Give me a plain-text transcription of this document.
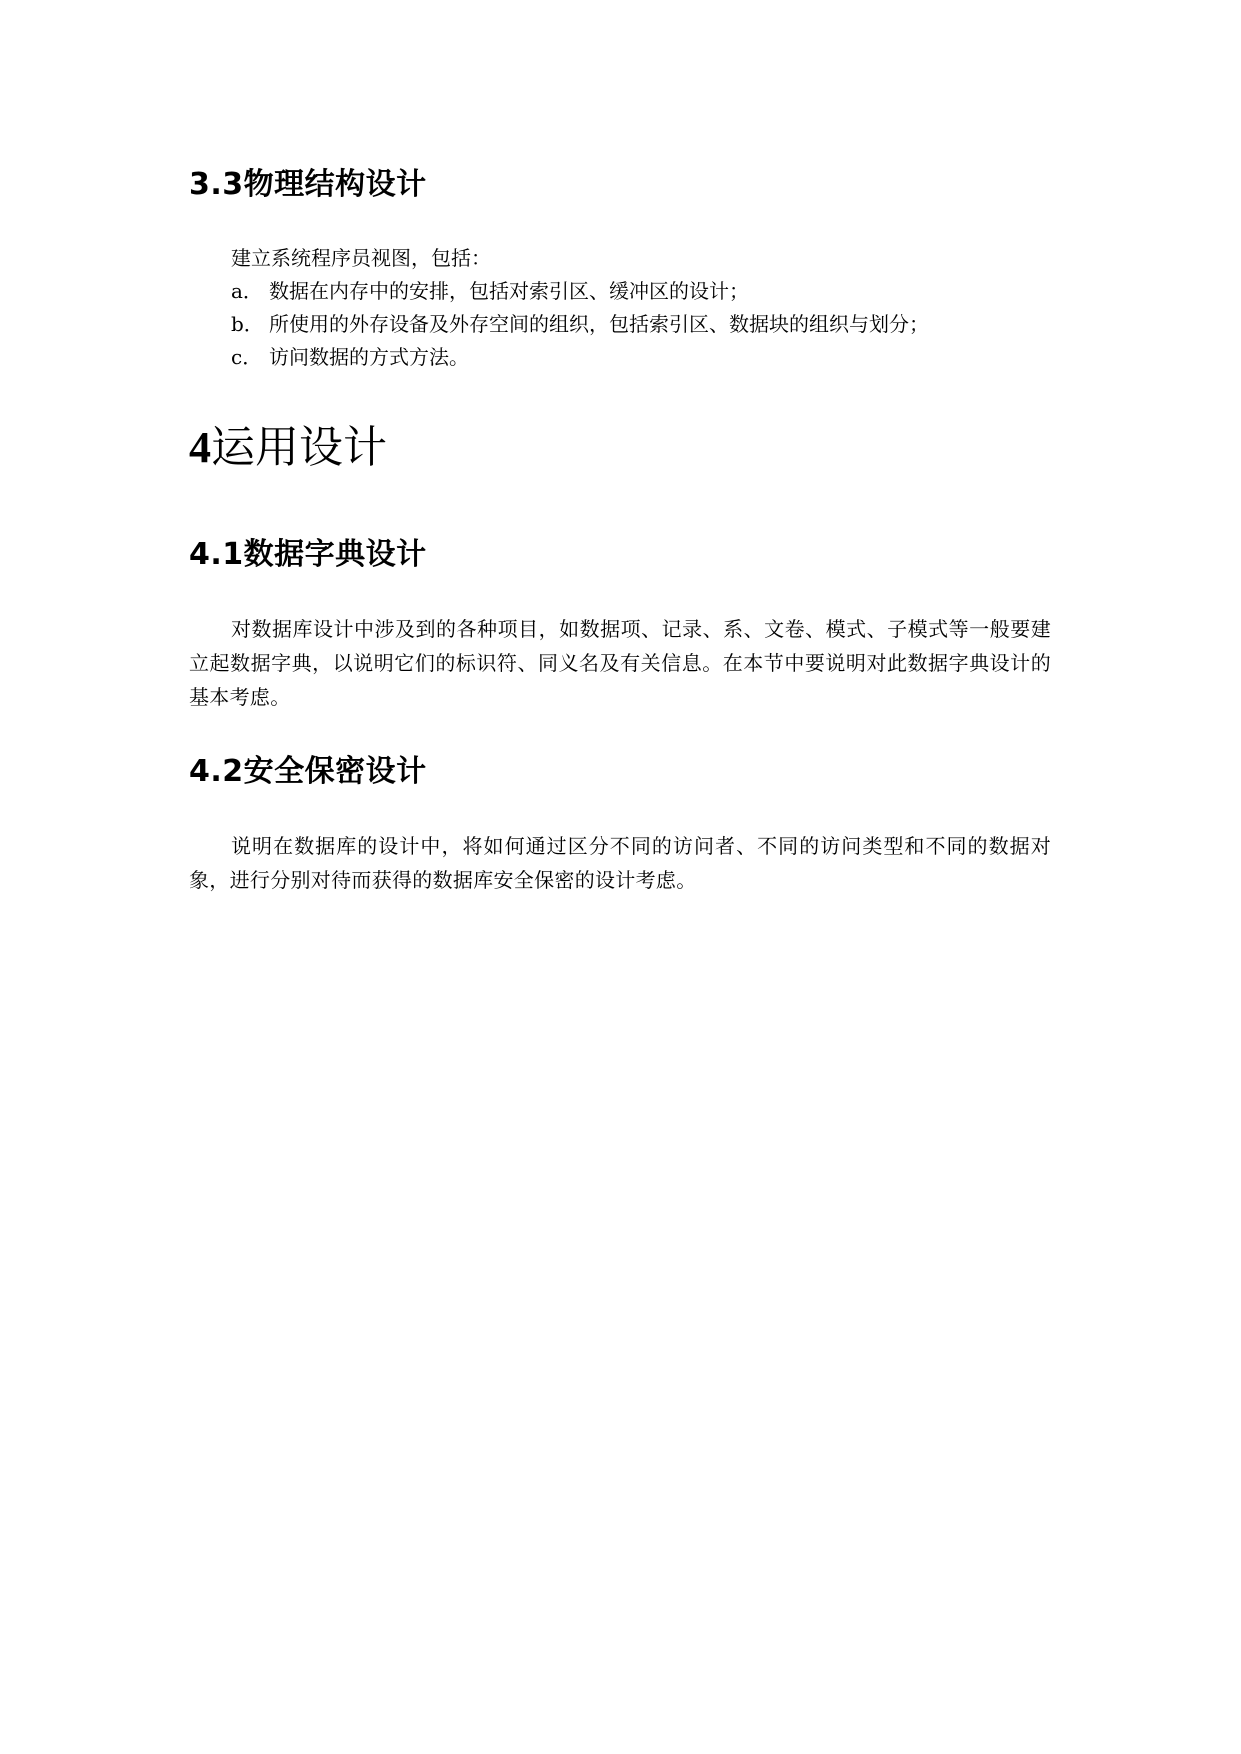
3.3物理结构设计

建立系统程序员视图，包括：

a． 数据在内存中的安排，包括对索引区、缓冲区的设计；
b． 所使用的外存设备及外存空间的组织，包括索引区、数据块的组织与划分；
c． 访问数据的方式方法。
4运用设计
4.1数据字典设计

对数据库设计中涉及到的各种项目，如数据项、记录、系、文卷、模式、子模式等一般要建立起数据字典，以说明它们的标识符、同义名及有关信息。在本节中要说明对此数据字典设计的基本考虑。

4.2安全保密设计

说明在数据库的设计中，将如何通过区分不同的访问者、不同的访问类型和不同的数据对象，进行分别对待而获得的数据库安全保密的设计考虑。
